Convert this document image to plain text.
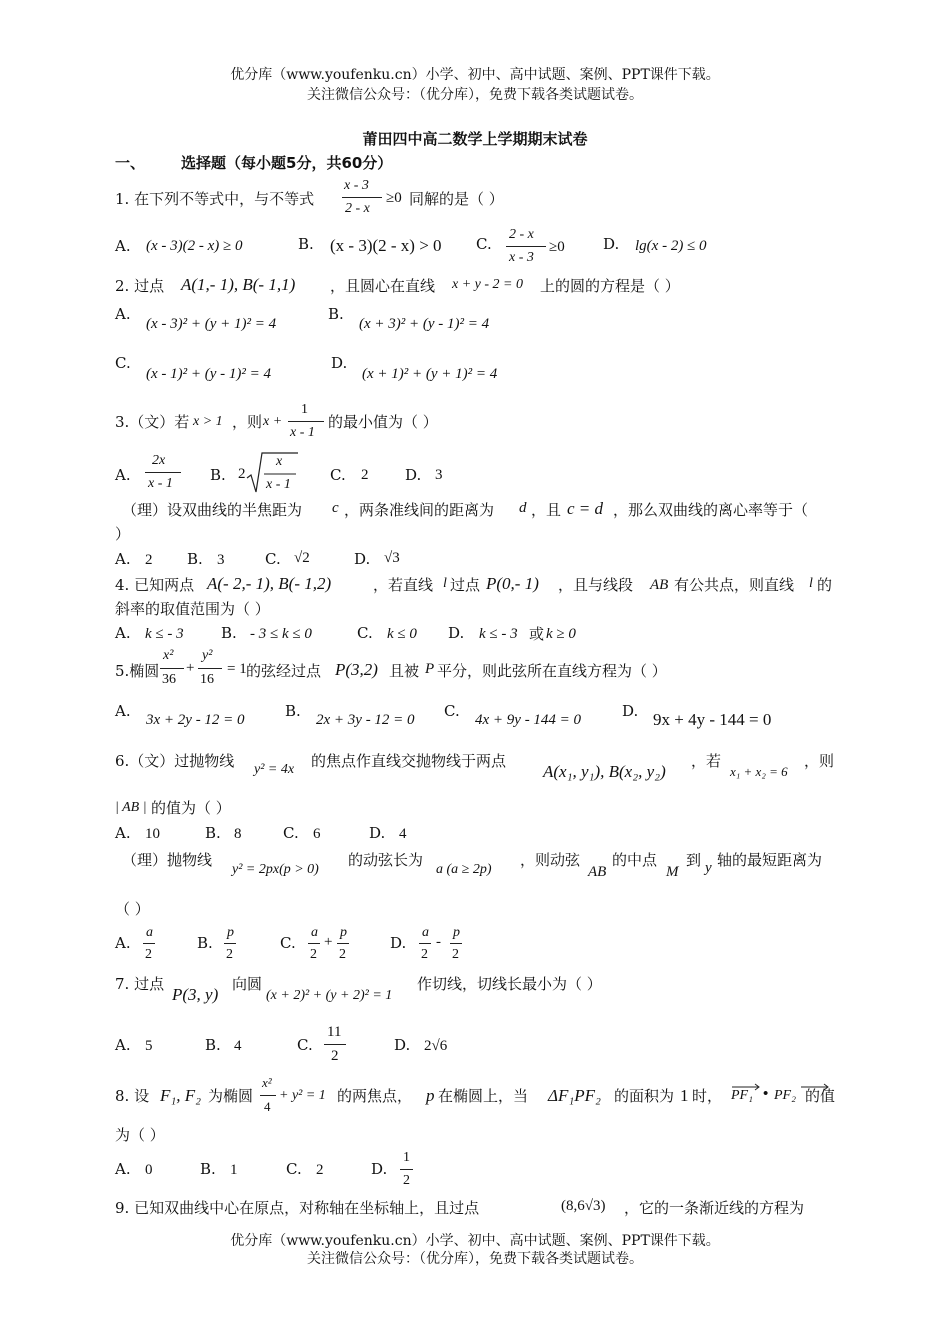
优分库（www.youfenku.cn）小学、初中、高中试题、案例、PPT课件下载。
关注微信公众号：（优分库），免费下载各类试题试卷。
莆田四中高二数学上学期期末试卷
一、 选择题（每小题5分，共60分）
1. 在下列不等式中，与不等式
x - 3
2 - x
≥0 同解的是（ ）
A. (x - 3)(2 - x) ≥ 0	B. (x - 3)(2 - x) > 0 C.
2 - x
x - 3
≥0	D. lg(x - 2) ≤ 0
2. 过点 A(1,- 1), B(- 1,1) ，且圆心在直线 x + y - 2 = 0 上的圆的方程是（ ）
A.
(x - 3)² + (y + 1)² = 4
B.
(x + 3)² + (y - 1)² = 4
C.
(x - 1)² + (y - 1)² = 4
D.
(x + 1)² + (y + 1)² = 4
3.（文）若 x > 1 ，则 x +
1
x - 1
的最小值为（ ）
A.
2x
x - 1 B. 2
x
x - 1
C. 2 D. 3
（理）设双曲线的半焦距为 c ，两条准线间的距离为 d ，且 c = d ，那么双曲线的离心率等于（
）
A. 2 B. 3	C. √2	D. √3
4. 已知两点 A(- 2,- 1), B(- 1,2)	，若直线 l 过点 P(0,- 1) ，且与线段 AB 有公共点，则直线 l 的
斜率的取值范围为（ ）
A. k ≤ - 3 B. - 3 ≤ k ≤ 0	C. k ≤ 0 D. k ≤ - 3 或 k ≥ 0
5.椭圆
x²
36
+
y²
16
= 1 的弦经过点 P(3,2) 且被 P 平分，则此弦所在直线方程为（ ）
A. 3x + 2y - 12 = 0	B. 2x + 3y - 12 = 0 C. 4x + 9y - 144 = 0	D. 9x + 4y - 144 = 0
6.（文）过抛物线 y² = 4x 的焦点作直线交抛物线于两点
A(x₁, y₁), B(x₂, y₂)
，若
x₁ + x₂ = 6
，则
| AB | 的值为（ ）
A. 10	B. 8	C. 6	D. 4
（理）抛物线
y² = 2px(p > 0)
的动弦长为
a (a ≥ 2p)
，则动弦
AB
的中点
M
到 y 轴的最短距离为
（ ）
A.
a
2
B.
p
2
C.
a
2
+
p
2
D.
a
2
-
p
2
7. 过点
P(3, y)
向圆
(x + 2)² + (y + 2)² = 1
作切线，切线长最小为（ ）
A. 5	B. 4	C.
11
2
D. 2√6
8. 设 F₁, F₂ 为椭圆
x²
4
+ y² = 1 的两焦点， p 在椭圆上，当 ΔF₁PF₂ 的面积为 1 时， PF₁ • PF₂ 的值
为（ ）
A. 0	B. 1	C. 2	D.
1
2
9. 已知双曲线中心在原点，对称轴在坐标轴上，且过点	(8,6√3) ，它的一条渐近线的方程为
优分库（www.youfenku.cn）小学、初中、高中试题、案例、PPT课件下载。
关注微信公众号：（优分库），免费下载各类试题试卷。
